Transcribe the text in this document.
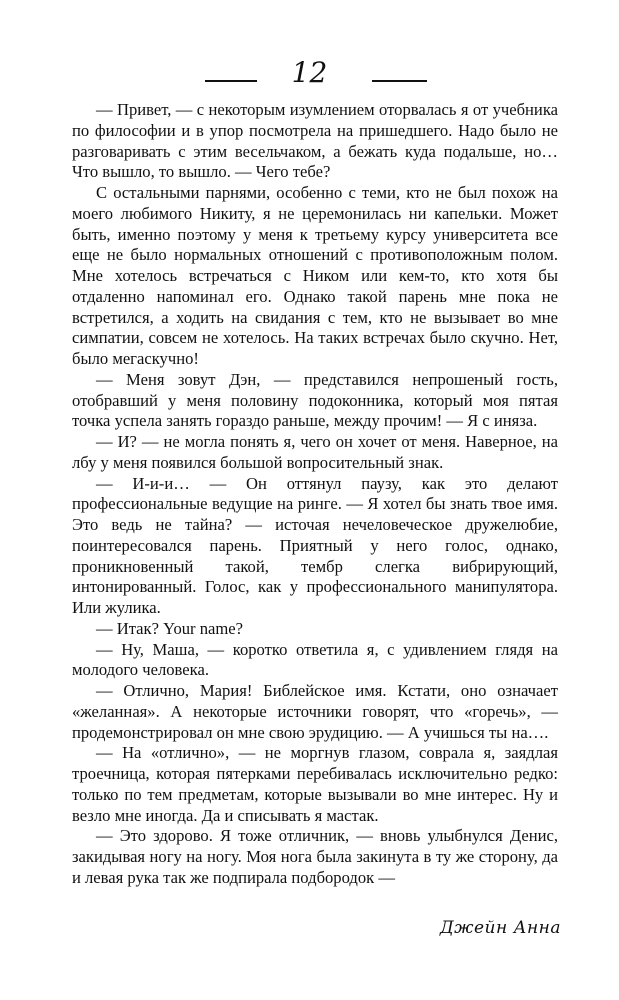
12

— Привет, — с некоторым изумлением оторвалась я от учебника по философии и в упор посмотрела на пришедшего. Надо было не разговаривать с этим весельчаком, а бежать куда подальше, но… Что вышло, то вышло. — Чего тебе?

С остальными парнями, особенно с теми, кто не был похож на моего любимого Никиту, я не церемонилась ни капельки. Может быть, именно поэтому у меня к третьему курсу университета все еще не было нормальных отношений с противоположным полом. Мне хотелось встречаться с Ником или кем-то, кто хотя бы отдаленно напоминал его. Однако такой парень мне пока не встретился, а ходить на свидания с тем, кто не вызывает во мне симпатии, совсем не хотелось. На таких встречах было скучно. Нет, было мегаскучно!

— Меня зовут Дэн, — представился непрошеный гость, отобравший у меня половину подоконника, который моя пятая точка успела занять гораздо раньше, между прочим! — Я с иняза.

— И? — не могла понять я, чего он хочет от меня. Наверное, на лбу у меня появился большой вопросительный знак.

— И-и-и… — Он оттянул паузу, как это делают профессиональные ведущие на ринге. — Я хотел бы знать твое имя. Это ведь не тайна? — источая нечеловеческое дружелюбие, поинтересовался парень. Приятный у него голос, однако, проникновенный такой, тембр слегка вибрирующий, интонированный. Голос, как у профессионального манипулятора. Или жулика.

— Итак? Your name?

— Ну, Маша, — коротко ответила я, с удивлением глядя на молодого человека.

— Отлично, Мария! Библейское имя. Кстати, оно означает «желанная». А некоторые источники говорят, что «горечь», — продемонстрировал он мне свою эрудицию. — А учишься ты на….

— На «отлично», — не моргнув глазом, соврала я, заядлая троечница, которая пятерками перебивалась исключительно редко: только по тем предметам, которые вызывали во мне интерес. Ну и везло мне иногда. Да и списывать я мастак.

— Это здорово. Я тоже отличник, — вновь улыбнулся Денис, закидывая ногу на ногу. Моя нога была закинута в ту же сторону, да и левая рука так же подпирала подбородок —

Джейн Анна
